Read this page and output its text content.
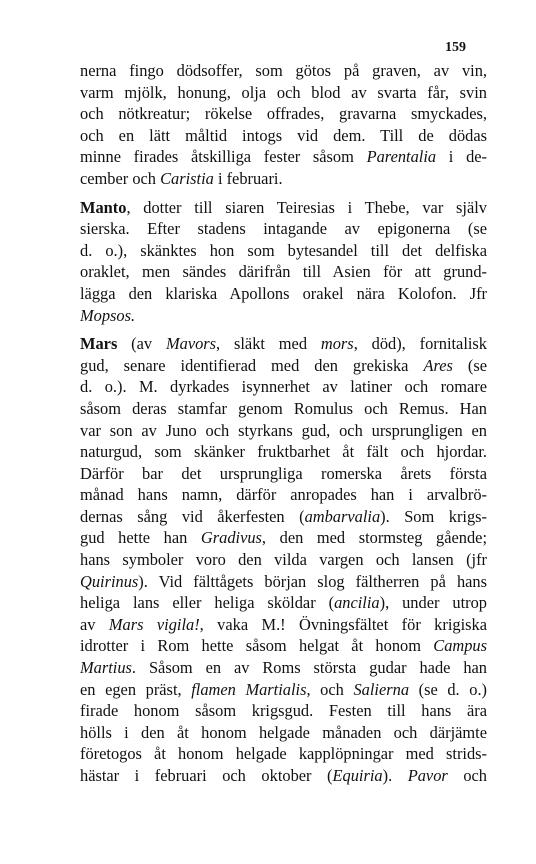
159

nerna fingo dödsoffer, som götos på graven, av vin,
varm mjölk, honung, olja och blod av svarta får, svin
och nötkreatur; rökelse offrades, gravarna smyckades,
och en lätt måltid intogs vid dem. Till de dödas
minne firades åtskilliga fester såsom Parentalia i de-
cember och Caristia i februari.

Manto, dotter till siaren Teiresias i Thebe, var själv
sierska. Efter stadens intagande av epigonerna (se
d. o.), skänktes hon som bytesandel till det delfiska
oraklet, men sändes därifrån till Asien för att grund-
lägga den klariska Apollons orakel nära Kolofon. Jfr
Mopsos.

Mars (av Mavors, släkt med mors, död), fornitalisk
gud, senare identifierad med den grekiska Ares (se
d. o.). M. dyrkades isynnerhet av latiner och romare
såsom deras stamfar genom Romulus och Remus. Han
var son av Juno och styrkans gud, och ursprungligen en
naturgud, som skänker fruktbarhet åt fält och hjordar.
Därför bar det ursprungliga romerska årets första
månad hans namn, därför anropades han i arvalbrö-
dernas sång vid åkerfesten (ambarvalia). Som krigs-
gud hette han Gradivus, den med stormsteg gående;
hans symboler voro den vilda vargen och lansen (jfr
Quirinus). Vid fälttågets början slog fältherren på hans
heliga lans eller heliga sköldar (ancilia), under utrop
av Mars vigila!, vaka M.! Övningsfältet för krigiska
idrotter i Rom hette såsom helgat åt honom Campus
Martius. Såsom en av Roms största gudar hade han
en egen präst, flamen Martialis, och Salierna (se d. o.)
firade honom såsom krigsgud. Festen till hans ära
hölls i den åt honom helgade månaden och därjämte
företogos åt honom helgade kapplöpningar med strids-
hästar i februari och oktober (Equiria). Pavor och
